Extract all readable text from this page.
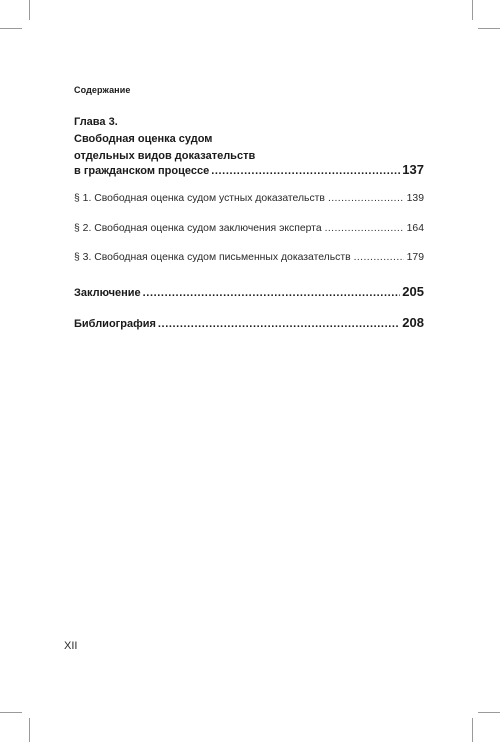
Содержание
Глава 3.
Свободная оценка судом
отдельных видов доказательств
в гражданском процессе .....	137
§ 1. Свободная оценка судом устных доказательств .....	139
§ 2. Свободная оценка судом заключения эксперта .....	164
§ 3. Свободная оценка судом письменных доказательств .....	179
Заключение .....	205
Библиография .....	208
XII
